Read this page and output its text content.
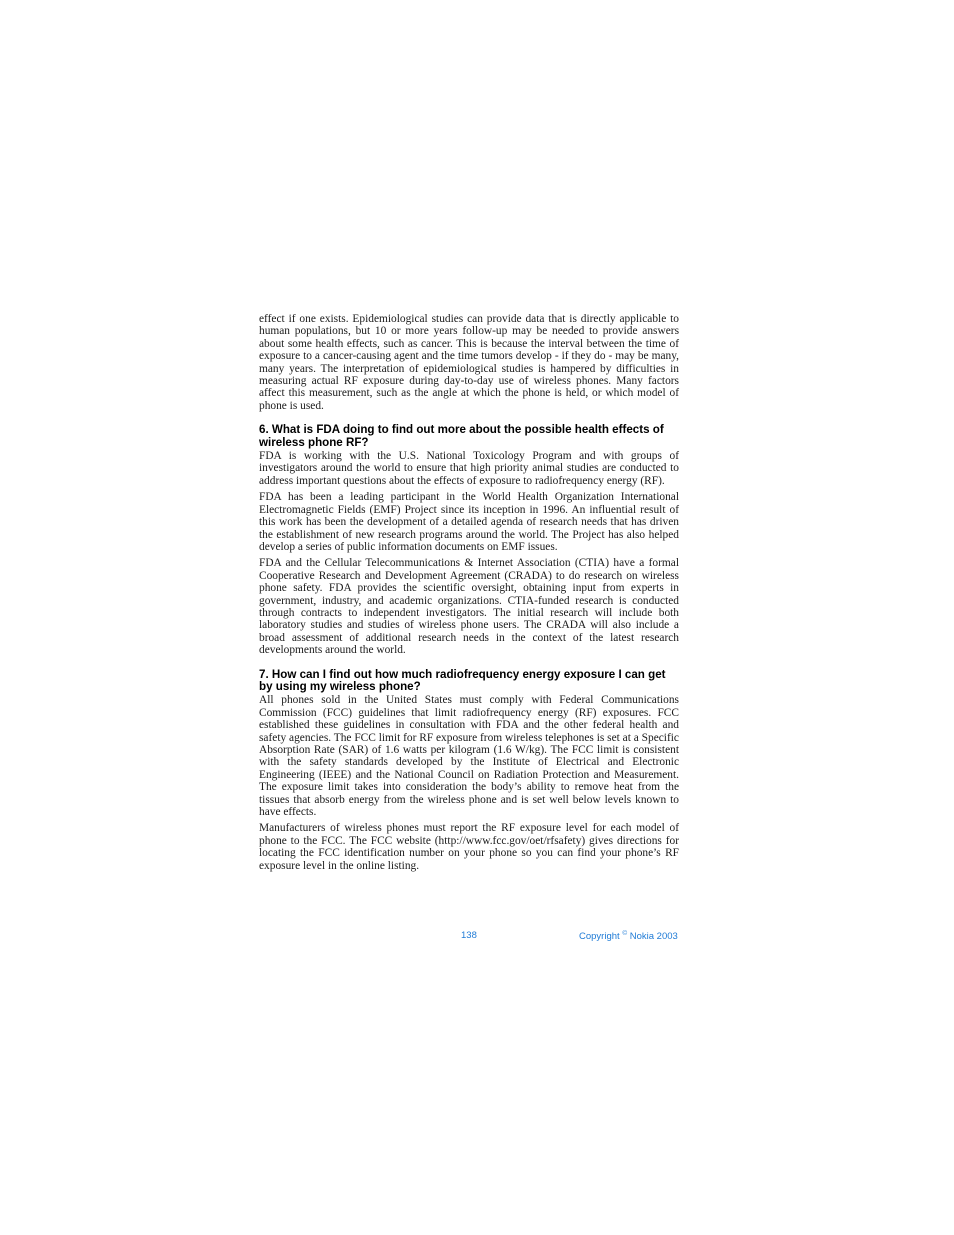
effect if one exists. Epidemiological studies can provide data that is directly applicable to human populations, but 10 or more years follow-up may be needed to provide answers about some health effects, such as cancer. This is because the interval between the time of exposure to a cancer-causing agent and the time tumors develop - if they do - may be many, many years. The interpretation of epidemiological studies is hampered by difficulties in measuring actual RF exposure during day-to-day use of wireless phones. Many factors affect this measurement, such as the angle at which the phone is held, or which model of phone is used.

6. What is FDA doing to find out more about the possible health effects of wireless phone RF?

FDA is working with the U.S. National Toxicology Program and with groups of investigators around the world to ensure that high priority animal studies are conducted to address important questions about the effects of exposure to radiofrequency energy (RF).

FDA has been a leading participant in the World Health Organization International Electromagnetic Fields (EMF) Project since its inception in 1996. An influential result of this work has been the development of a detailed agenda of research needs that has driven the establishment of new research programs around the world. The Project has also helped develop a series of public information documents on EMF issues.

FDA and the Cellular Telecommunications & Internet Association (CTIA) have a formal Cooperative Research and Development Agreement (CRADA) to do research on wireless phone safety. FDA provides the scientific oversight, obtaining input from experts in government, industry, and academic organizations. CTIA-funded research is conducted through contracts to independent investigators. The initial research will include both laboratory studies and studies of wireless phone users. The CRADA will also include a broad assessment of additional research needs in the context of the latest research developments around the world.

7. How can I find out how much radiofrequency energy exposure I can get by using my wireless phone?

All phones sold in the United States must comply with Federal Communications Commission (FCC) guidelines that limit radiofrequency energy (RF) exposures. FCC established these guidelines in consultation with FDA and the other federal health and safety agencies. The FCC limit for RF exposure from wireless telephones is set at a Specific Absorption Rate (SAR) of 1.6 watts per kilogram (1.6 W/kg). The FCC limit is consistent with the safety standards developed by the Institute of Electrical and Electronic Engineering (IEEE) and the National Council on Radiation Protection and Measurement. The exposure limit takes into consideration the body’s ability to remove heat from the tissues that absorb energy from the wireless phone and is set well below levels known to have effects.

Manufacturers of wireless phones must report the RF exposure level for each model of phone to the FCC. The FCC website (http://www.fcc.gov/oet/rfsafety) gives directions for locating the FCC identification number on your phone so you can find your phone’s RF exposure level in the online listing.

138	Copyright © Nokia 2003
